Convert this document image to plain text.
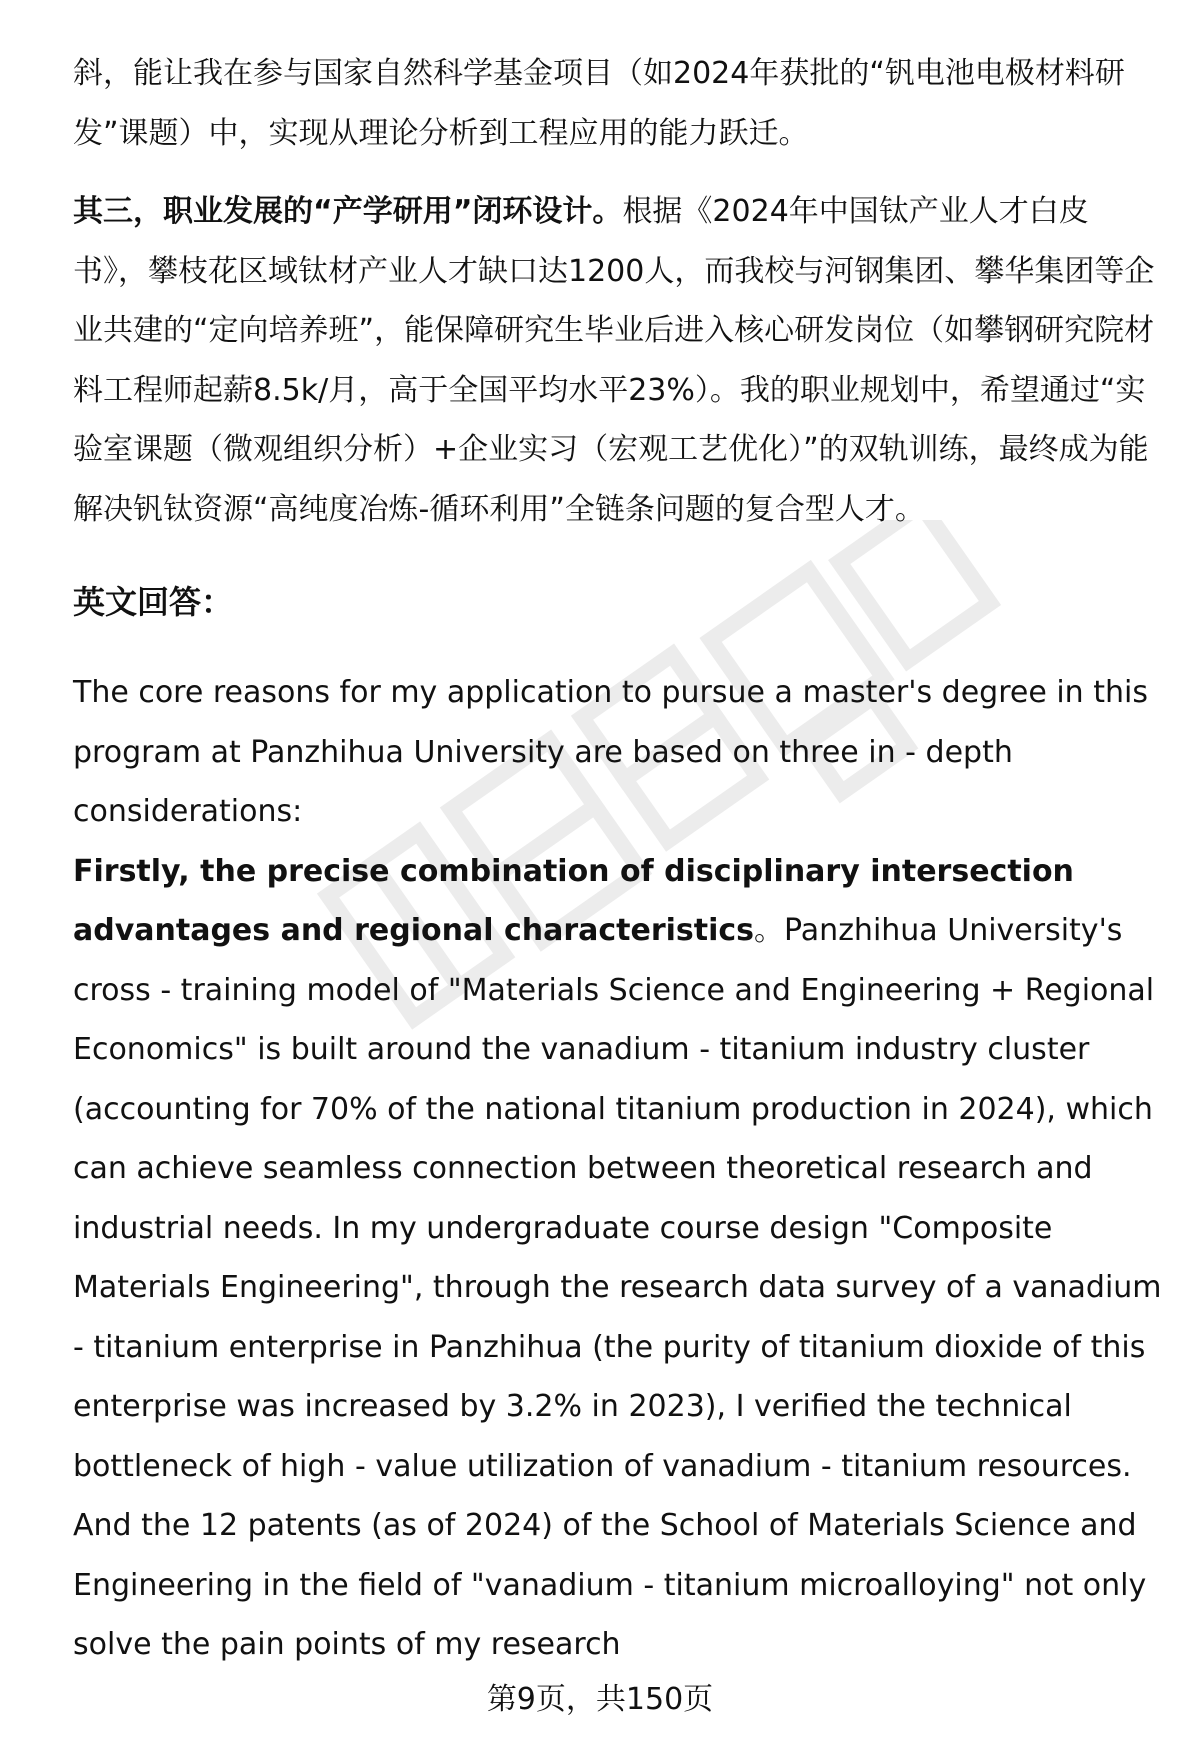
斜，能让我在参与国家自然科学基金项目（如2024年获批的“钒电池电极材料研发”课题）中，实现从理论分析到工程应用的能力跃迁。

其三，职业发展的“产学研用”闭环设计。根据《2024年中国钛产业人才白皮书》，攀枝花区域钛材产业人才缺口达1200人，而我校与河钢集团、攀华集团等企业共建的“定向培养班”，能保障研究生毕业后进入核心研发岗位（如攀钢研究院材料工程师起薪8.5k/月，高于全国平均水平23%）。我的职业规划中，希望通过“实验室课题（微观组织分析）+企业实习（宏观工艺优化）”的双轨训练，最终成为能解决钒钛资源“高纯度冶炼-循环利用”全链条问题的复合型人才。

英文回答：

The core reasons for my application to pursue a master's degree in this program at Panzhihua University are based on three in - depth considerations:

Firstly, the precise combination of disciplinary intersection advantages and regional characteristics。Panzhihua University's cross - training model of "Materials Science and Engineering + Regional Economics" is built around the vanadium - titanium industry cluster (accounting for 70% of the national titanium production in 2024), which can achieve seamless connection between theoretical research and industrial needs. In my undergraduate course design "Composite Materials Engineering", through the research data survey of a vanadium - titanium enterprise in Panzhihua (the purity of titanium dioxide of this enterprise was increased by 3.2% in 2023), I verified the technical bottleneck of high - value utilization of vanadium - titanium resources. And the 12 patents (as of 2024) of the School of Materials Science and Engineering in the field of "vanadium - titanium microalloying" not only solve the pain points of my research

第9页，共150页
